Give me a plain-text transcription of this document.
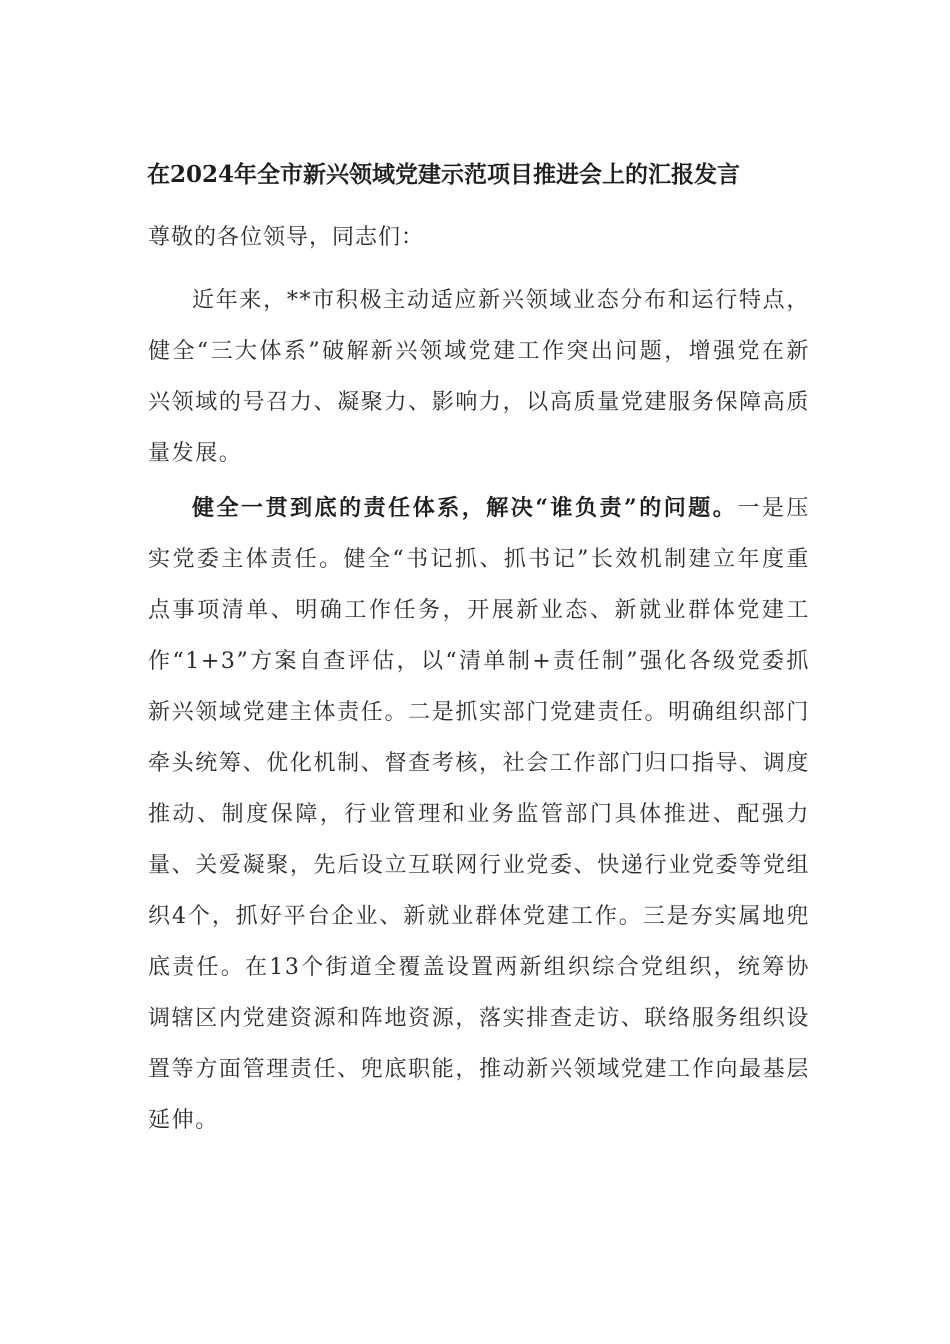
在2024年全市新兴领域党建示范项目推进会上的汇报发言
尊敬的各位领导，同志们：

近年来，**市积极主动适应新兴领域业态分布和运行特点，健全“三大体系”破解新兴领域党建工作突出问题，增强党在新兴领域的号召力、凝聚力、影响力，以高质量党建服务保障高质量发展。

健全一贯到底的责任体系，解决“谁负责”的问题。一是压实党委主体责任。健全“书记抓、抓书记”长效机制建立年度重点事项清单、明确工作任务，开展新业态、新就业群体党建工作“1+3”方案自查评估，以“清单制+责任制”强化各级党委抓新兴领域党建主体责任。二是抓实部门党建责任。明确组织部门牵头统筹、优化机制、督查考核，社会工作部门归口指导、调度推动、制度保障，行业管理和业务监管部门具体推进、配强力量、关爱凝聚，先后设立互联网行业党委、快递行业党委等党组织4个，抓好平台企业、新就业群体党建工作。三是夯实属地兜底责任。在13个街道全覆盖设置两新组织综合党组织，统筹协调辖区内党建资源和阵地资源，落实排查走访、联络服务组织设置等方面管理责任、兜底职能，推动新兴领域党建工作向最基层延伸。
